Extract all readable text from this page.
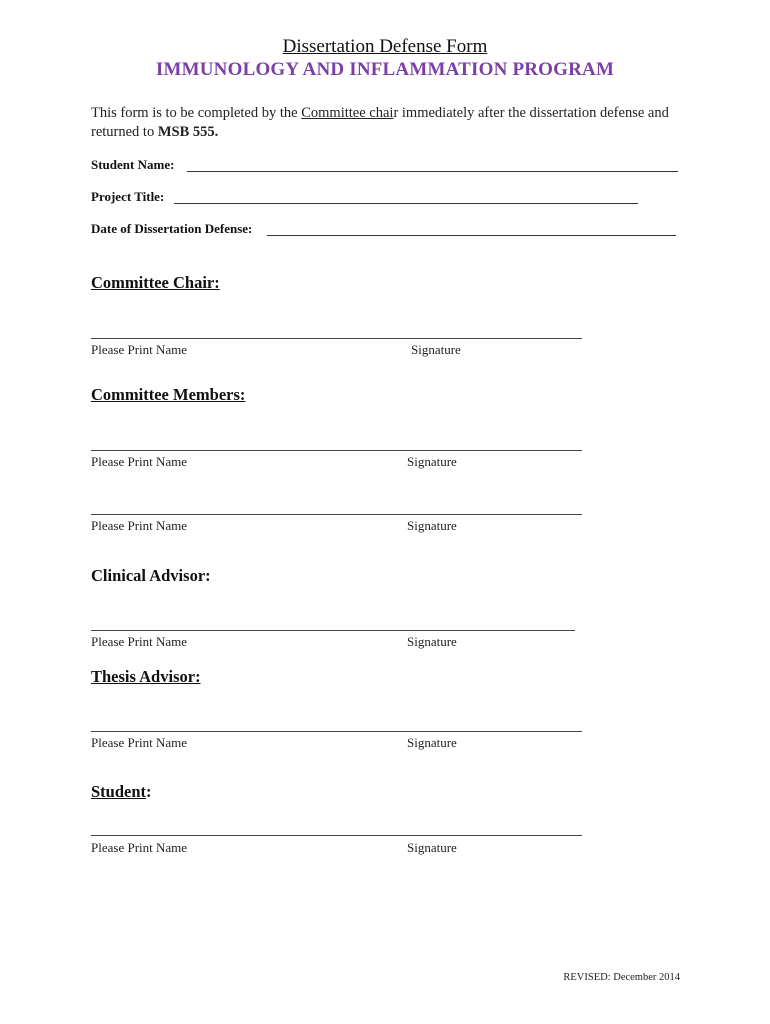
Dissertation Defense Form
IMMUNOLOGY AND INFLAMMATION PROGRAM
This form is to be completed by the Committee chair immediately after the dissertation defense and returned to MSB 555.
Student Name:
Project Title:
Date of Dissertation Defense:
Committee Chair:
Please Print Name	Signature
Committee Members:
Please Print Name	Signature
Please Print Name	Signature
Clinical Advisor:
Please Print Name	Signature
Thesis Advisor:
Please Print Name	Signature
Student:
Please Print Name	Signature
REVISED: December 2014
